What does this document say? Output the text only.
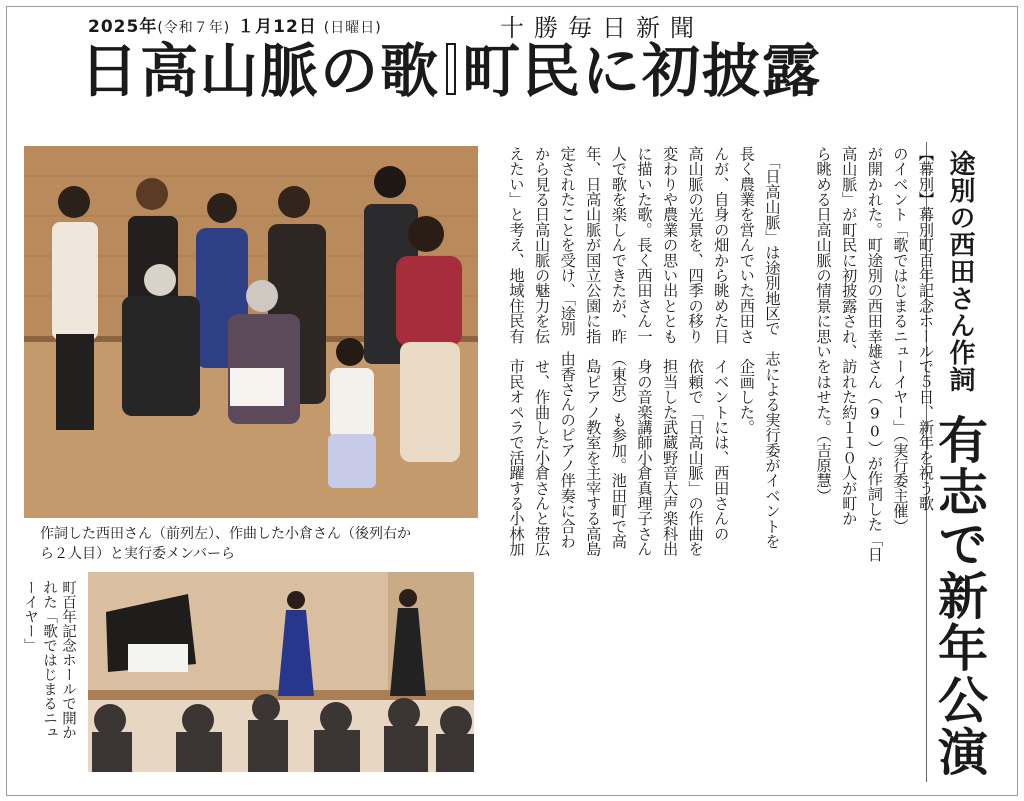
2025年(令和７年) １月12日 (日曜日)	十勝毎日新聞
日高山脈の歌 町民に初披露
途別の西田さん作詞
有志で新年公演
【幕別】幕別町百年記念ホールで５日、新年を祝う歌
のイベント「歌ではじまるニューイヤー」（実行委主催）
が開かれた。町途別の西田幸雄さん（90）が作詞した「日
高山脈」が町民に初披露され、訪れた約１１０人が町か
ら眺める日高山脈の情景に思いをはせた。（吉原慧）

　「日高山脈」は途別地区で　志による実行委がイベントを
長く農業を営んでいた西田さ　企画した。
んが、自身の畑から眺めた日　イベントには、西田さんの
高山脈の光景を、四季の移り　依頼で「日高山脈」の作曲を
変わりや農業の思い出ととも　担当した武蔵野音大声楽科出
に描いた歌。長く西田さん一　身の音楽講師小倉真理子さん
人で歌を楽しんできたが、昨　（東京）も参加。池田町で高
年、日高山脈が国立公園に指　島ピアノ教室を主宰する高島
定されたことを受け、「途別　由香さんのピアノ伴奏に合わ
から見る日高山脈の魅力を伝　せ、作曲した小倉さんと帯広
えたい」と考え、地域住民有　市民オペラで活躍する小林加

作詞した西田さん（前列左）、作曲した小倉さん（後列右か
ら２人目）と実行委メンバーら
町百年記念ホールで開か
れた「歌ではじまるニュ
ーイヤー」
